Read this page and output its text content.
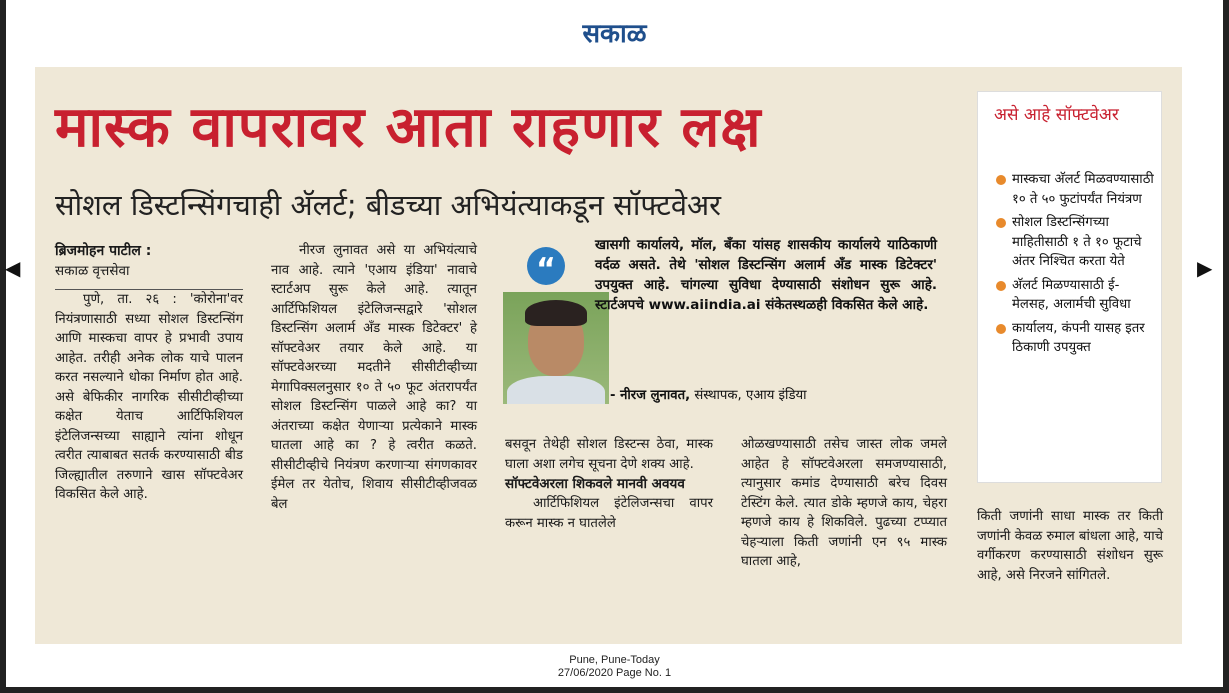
सकाळ
◀	▶
मास्क वापरावर आता राहणार लक्ष
सोशल डिस्टन्सिंगचाही अ‍ॅलर्ट; बीडच्या अभियंत्याकडून सॉफ्टवेअर

ब्रिजमोहन पाटील :

सकाळ वृत्तसेवा

पुणे, ता. २६ : 'कोरोना'वर नियंत्रणासाठी सध्या सोशल डिस्टन्सिंग आणि मास्कचा वापर हे प्रभावी उपाय आहेत. तरीही अनेक लोक याचे पालन करत नसल्याने धोका निर्माण होत आहे. असे बेफिकीर नागरिक सीसीटीव्हीच्या कक्षेत येताच आर्टिफिशियल इंटेलिजन्सच्या साह्याने त्यांना शोधून त्वरीत त्याबाबत सतर्क करण्यासाठी बीड जिल्ह्यातील तरुणाने खास सॉफ्टवेअर विकसित केले आहे.

नीरज लुनावत असे या अभियंत्याचे नाव आहे. त्याने 'एआय इंडिया' नावाचे स्टार्टअप सुरू केले आहे. त्यातून आर्टिफिशियल इंटेलिजन्सद्वारे 'सोशल डिस्टन्सिंग अलार्म अँड मास्क डिटेक्टर' हे सॉफ्टवेअर तयार केले आहे. या सॉफ्टवेअरच्या मदतीने सीसीटीव्हीच्या मेगापिक्सलनुसार १० ते ५० फूट अंतरापर्यंत सोशल डिस्टन्सिंग पाळले आहे का? या अंतराच्या कक्षेत येणाऱ्या प्रत्येकाने मास्क घातला आहे का ? हे त्वरीत कळते. सीसीटीव्हीचे नियंत्रण करणाऱ्या संगणकावर ईमेल तर येतोच, शिवाय सीसीटीव्हीजवळ बेल

“
खासगी कार्यालये, मॉल, बँका यांसह शासकीय कार्यालये याठिकाणी वर्दळ असते. तेथे 'सोशल डिस्टन्सिंग अलार्म अँड मास्क डिटेक्टर' उपयुक्त आहे. चांगल्या सुविधा देण्यासाठी संशोधन सुरू आहे. स्टार्टअपचे www.aiindia.ai संकेतस्थळही विकसित केले आहे.
- नीरज लुनावत, संस्थापक, एआय इंडिया

बसवून तेथेही सोशल डिस्टन्स ठेवा, मास्क घाला अशा लगेच सूचना देणे शक्य आहे.

सॉफ्टवेअरला शिकवले मानवी अवयव

आर्टिफिशियल इंटेलिजन्सचा वापर करून मास्क न घातलेले

ओळखण्यासाठी तसेच जास्त लोक जमले आहेत हे सॉफ्टवेअरला समजण्यासाठी, त्यानुसार कमांड देण्यासाठी बरेच दिवस टेस्टिंग केले. त्यात डोके म्हणजे काय, चेहरा म्हणजे काय हे शिकविले. पुढच्या टप्प्यात चेहऱ्याला किती जणांनी एन ९५ मास्क घातला आहे,

असे आहे सॉफ्टवेअर
मास्कचा अ‍ॅलर्ट मिळवण्यासाठी १० ते ५० फुटांपर्यंत नियंत्रण
सोशल डिस्टन्सिंगच्या माहितीसाठी १ ते १० फूटाचे अंतर निश्चित करता येते
अ‍ॅलर्ट मिळण्यासाठी ई-मेलसह, अलार्मची सुविधा
कार्यालय, कंपनी यासह इतर ठिकाणी उपयुक्त

किती जणांनी साधा मास्क तर किती जणांनी केवळ रुमाल बांधला आहे, याचे वर्गीकरण करण्यासाठी संशोधन सुरू आहे, असे निरजने सांगितले.

Pune, Pune-Today
27/06/2020 Page No. 1
